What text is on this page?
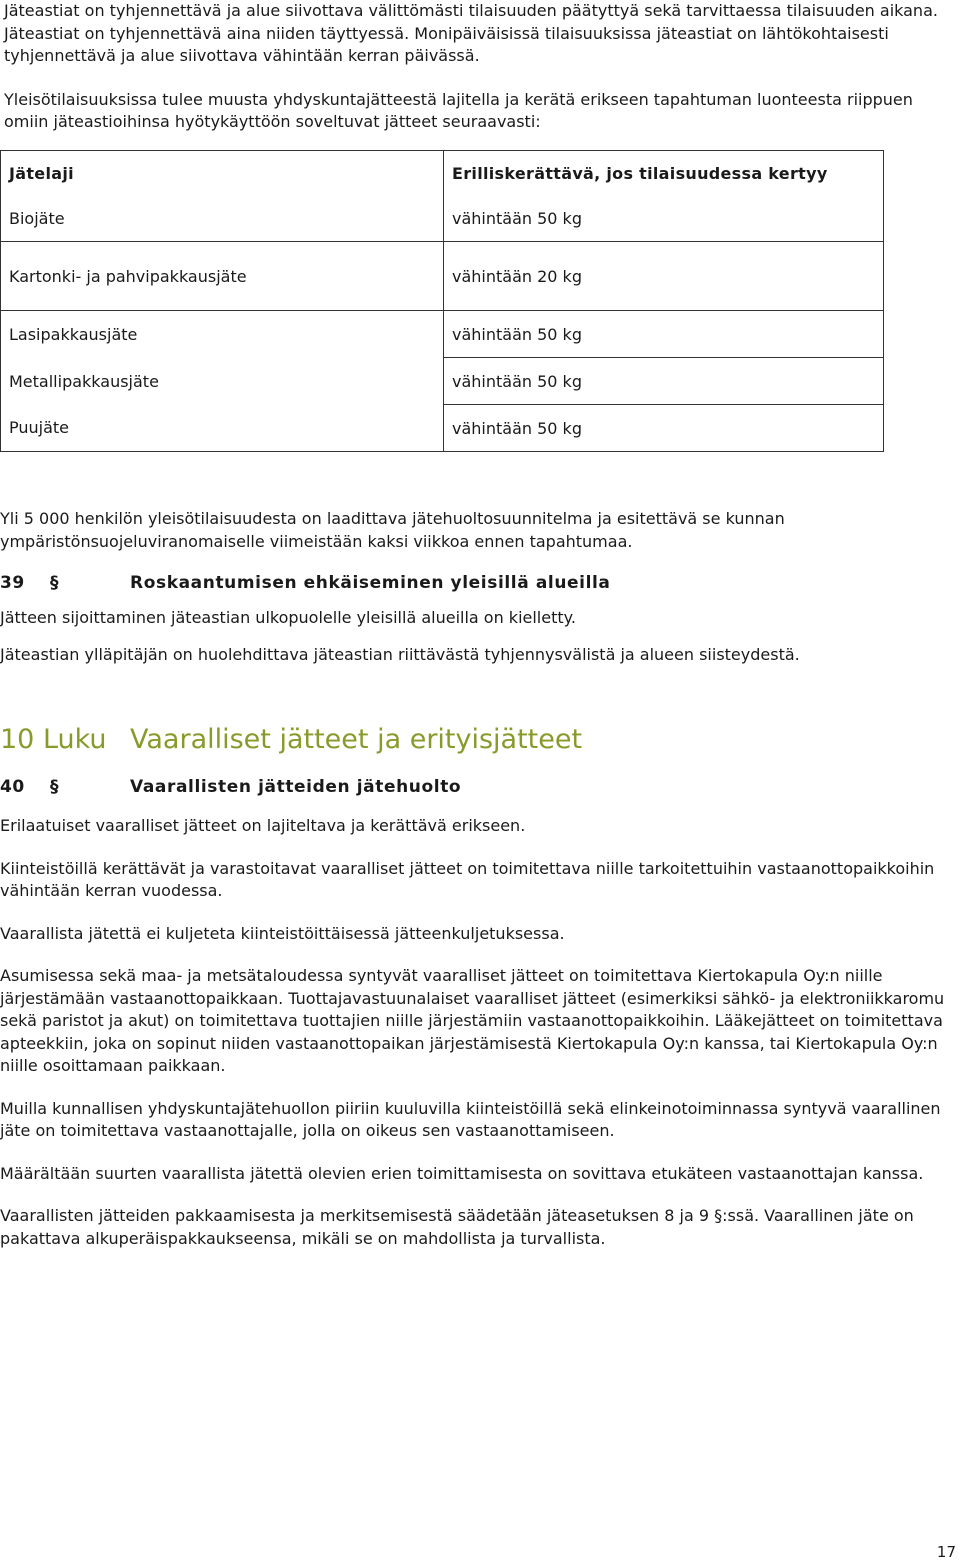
Jäteastiat on tyhjennettävä ja alue siivottava välittömästi tilaisuuden päätyttyä sekä tarvittaessa tilaisuuden aikana. Jäteastiat on tyhjennettävä aina niiden täyttyessä. Monipäiväisissä tilaisuuksissa jäteastiat on lähtökohtaisesti tyhjennettävä ja alue siivottava vähintään kerran päivässä.

Yleisötilaisuuksissa tulee muusta yhdyskuntajätteestä lajitella ja kerätä erikseen tapahtuman luonteesta riippuen omiin jäteastioihinsa hyötykäyttöön soveltuvat jätteet seuraavasti:

Jätelaji	Erilliskerättävä, jos tilaisuudessa kertyy
Biojäte	vähintään 50 kg
Kartonki- ja pahvipakkausjäte	vähintään 20 kg
Lasipakkausjäte	vähintään 50 kg
Metallipakkausjäte	vähintään 50 kg
Puujäte	vähintään 50 kg

Yli 5 000 henkilön yleisötilaisuudesta on laadittava jätehuoltosuunnitelma ja esitettävä se kunnan ympäristönsuojeluviranomaiselle viimeistään kaksi viikkoa ennen tapahtumaa.

39	§	Roskaantumisen ehkäiseminen yleisillä alueilla

Jätteen sijoittaminen jäteastian ulkopuolelle yleisillä alueilla on kielletty.

Jäteastian ylläpitäjän on huolehdittava jäteastian riittävästä tyhjennysvälistä ja alueen siisteydestä.

10 Luku Vaaralliset jätteet ja erityisjätteet
40	§	Vaarallisten jätteiden jätehuolto

Erilaatuiset vaaralliset jätteet on lajiteltava ja kerättävä erikseen.

Kiinteistöillä kerättävät ja varastoitavat vaaralliset jätteet on toimitettava niille tarkoitettuihin vastaanottopaikkoihin vähintään kerran vuodessa.

Vaarallista jätettä ei kuljeteta kiinteistöittäisessä jätteenkuljetuksessa.

Asumisessa sekä maa- ja metsätaloudessa syntyvät vaaralliset jätteet on toimitettava Kiertokapula Oy:n niille järjestämään vastaanottopaikkaan. Tuottajavastuunalaiset vaaralliset jätteet (esimerkiksi sähkö- ja elektroniikkaromu sekä paristot ja akut) on toimitettava tuottajien niille järjestämiin vastaanottopaikkoihin. Lääkejätteet on toimitettava apteekkiin, joka on sopinut niiden vastaanottopaikan järjestämisestä Kiertokapula Oy:n kanssa, tai Kiertokapula Oy:n niille osoittamaan paikkaan.

Muilla kunnallisen yhdyskuntajätehuollon piiriin kuuluvilla kiinteistöillä sekä elinkeinotoiminnassa syntyvä vaarallinen jäte on toimitettava vastaanottajalle, jolla on oikeus sen vastaanottamiseen.

Määrältään suurten vaarallista jätettä olevien erien toimittamisesta on sovittava etukäteen vastaanottajan kanssa.

Vaarallisten jätteiden pakkaamisesta ja merkitsemisestä säädetään jäteasetuksen 8 ja 9 §:ssä. Vaarallinen jäte on pakattava alkuperäispakkaukseensa, mikäli se on mahdollista ja turvallista.

17
